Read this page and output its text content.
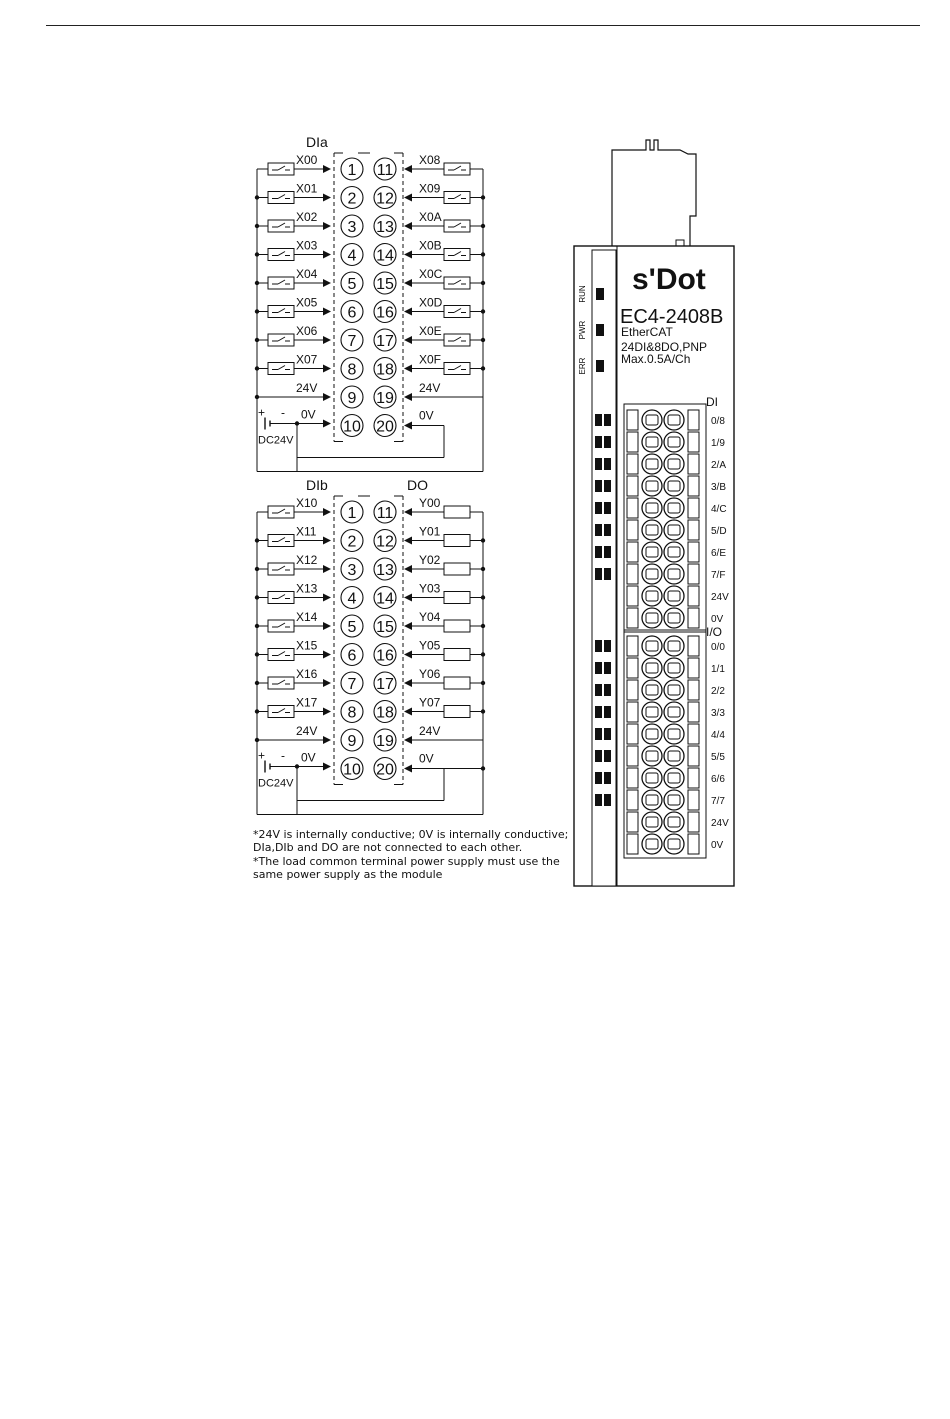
DIa
X00	X08
X01	X09
X02	X0A
X03	X0B
X04	X0C
X05	X0D
X06	X0E
X07	X0F
24V	24V
+ - 0V
DC24V
0V
1 11
2 12
3 13
4 14
5 15
6 16
7 17
8 18
9 19
10 20
DIb	DO
X10	Y00
X11	Y01
X12	Y02
X13	Y03
X14	Y04
X15	Y05
X16	Y06
X17	Y07
24V	24V
+ - 0V
DC24V
0V
1 11
2 12
3 13
4 14
5 15
6 16
7 17
8 18
9 19
10 20
s'Dot
EC4-2408B
EtherCAT
24DI&8DO,PNP
Max.0.5A/Ch
RUN
PWR
ERR
DI
I/O
0/8
1/9
2/A
3/B
4/C
5/D
6/E
7/F
24V
0V
0/0
1/1
2/2
3/3
4/4
5/5
6/6
7/7
24V
0V
*24V is internally conductive; 0V is internally conductive;
DIa,DIb and DO are not connected to each other.
*The load common terminal power supply must use the
same power supply as the module
